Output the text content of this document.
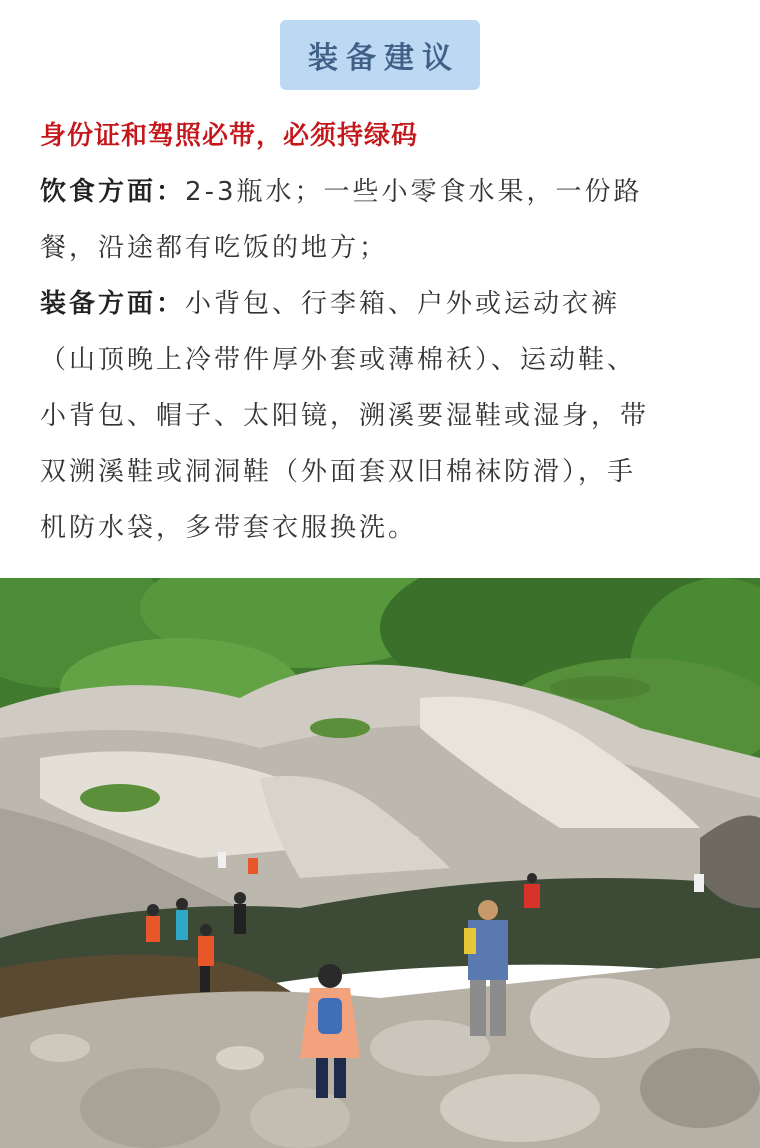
装备建议
身份证和驾照必带，必须持绿码
饮食方面：2-3瓶水；一些小零食水果，一份路
餐，沿途都有吃饭的地方；
装备方面：小背包、行李箱、户外或运动衣裤
（山顶晚上冷带件厚外套或薄棉袄）、运动鞋、
小背包、帽子、太阳镜，溯溪要湿鞋或湿身，带
双溯溪鞋或洞洞鞋（外面套双旧棉袜防滑），手
机防水袋，多带套衣服换洗。
